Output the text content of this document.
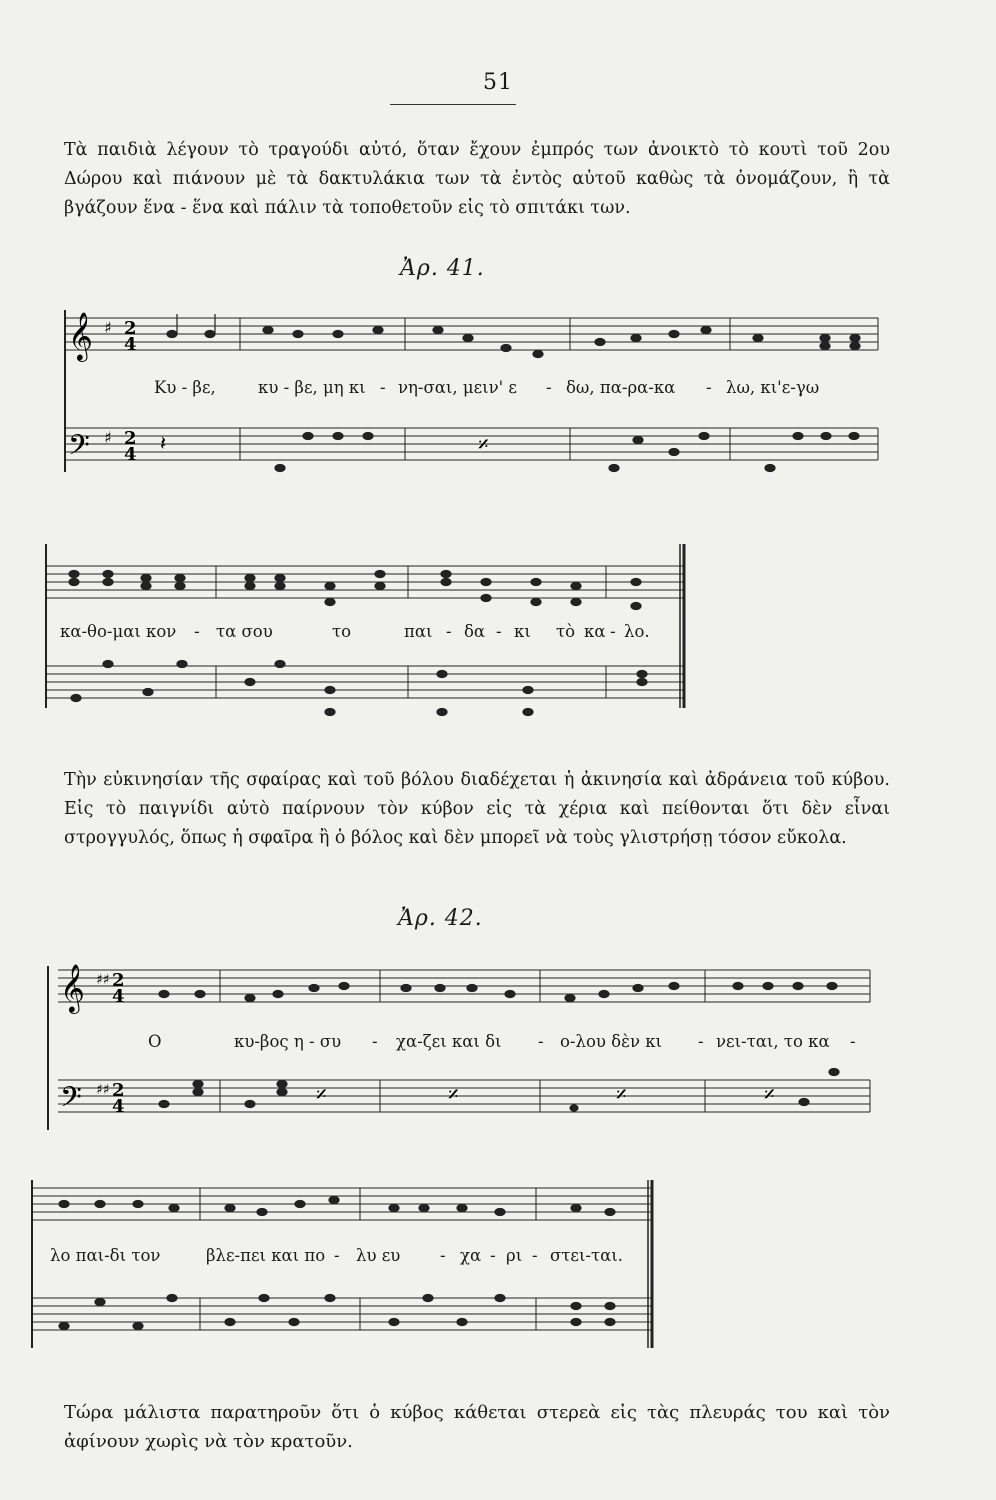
51

Τὰ παιδιὰ λέγουν τὸ τραγούδι αὐτό, ὅταν ἔχουν ἐμπρός των ἀνοικτὸ τὸ κουτὶ τοῦ 2ου Δώρου καὶ πιάνουν μὲ τὰ δακτυλάκια των τὰ ἐντὸς αὐτοῦ καθὼς τὰ ὀνομάζουν, ἢ τὰ βγάζουν ἕνα - ἕνα καὶ πάλιν τὰ τοποθετοῦν εἰς τὸ σπιτάκι των.

Ἀρ. 41.
𝄞
𝄢
♯
♯
2
4
2
4 𝄽	𝄎
Κυ - βε,	κυ - βε, μη κι - νη-σαι, μειν' ε - δω, πα-ρα-κα - λω, κι'ε-γω
κα-θο-μαι κον - τα σου	το	παι - δα - κι τὸ κα - λο.

Τὴν εὐκινησίαν τῆς σφαίρας καὶ τοῦ βόλου διαδέχεται ἡ ἀκινησία καὶ ἀδράνεια τοῦ κύβου. Εἰς τὸ παιγνίδι αὐτὸ παίρνουν τὸν κύβον εἰς τὰ χέρια καὶ πείθονται ὅτι δὲν εἶναι στρογγυλός, ὅπως ἡ σφαῖρα ἢ ὁ βόλος καὶ δὲν μπορεῖ νὰ τοὺς γλιστρήσῃ τόσον εὔκολα.

Ἀρ. 42.
𝄞
𝄢
♯♯
♯♯
2
4
2
4	𝄎	𝄎	𝄎	𝄎
Ο	κυ-βος η - συ - χα-ζει και δι - ο-λου δὲν κι - νει-ται, το κα -
λο παι-δι τον	βλε-πει και πο - λυ ευ - χα - ρι - στει-ται.

Τώρα μάλιστα παρατηροῦν ὅτι ὁ κύβος κάθεται στερεὰ εἰς τὰς πλευράς του καὶ τὸν ἀφίνουν χωρὶς νὰ τὸν κρατοῦν.
